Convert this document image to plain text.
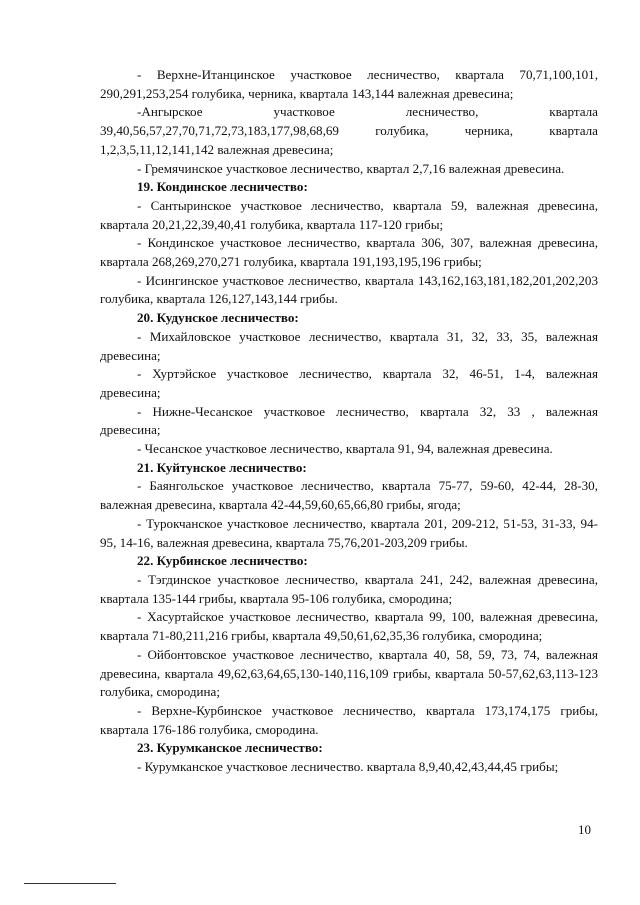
- Верхне-Итанцинское участковое лесничество, квартала 70,71,100,101, 290,291,253,254 голубика, черника, квартала 143,144 валежная древесина;

-Ангырское участковое лесничество, квартала 39,40,56,57,27,70,71,72,73,183,177,98,68,69 голубика, черника, квартала 1,2,3,5,11,12,141,142 валежная древесина;

- Гремячинское участковое лесничество, квартал 2,7,16 валежная древесина.

19. Кондинское лесничество:

- Сантыринское участковое лесничество, квартала 59, валежная древесина, квартала 20,21,22,39,40,41 голубика, квартала 117-120 грибы;

- Кондинское участковое лесничество, квартала 306, 307, валежная древесина, квартала 268,269,270,271 голубика, квартала 191,193,195,196 грибы;

- Исингинское участковое лесничество, квартала 143,162,163,181,182,201,202,203 голубика, квартала 126,127,143,144 грибы.

20. Кудунское лесничество:

- Михайловское участковое лесничество, квартала 31, 32, 33, 35, валежная древесина;

- Хуртэйское участковое лесничество, квартала 32, 46-51, 1-4, валежная древесина;

- Нижне-Чесанское участковое лесничество, квартала 32, 33 , валежная древесина;

- Чесанское участковое лесничество, квартала 91, 94, валежная древесина.

21. Куйтунское лесничество:

- Баянгольское участковое лесничество, квартала 75-77, 59-60, 42-44, 28-30, валежная древесина, квартала 42-44,59,60,65,66,80 грибы, ягода;

- Турокчанское участковое лесничество, квартала 201, 209-212, 51-53, 31-33, 94-95, 14-16, валежная древесина, квартала 75,76,201-203,209 грибы.

22. Курбинское лесничество:

- Тэгдинское участковое лесничество, квартала 241, 242, валежная древесина, квартала 135-144 грибы, квартала 95-106 голубика, смородина;

- Хасуртайское участковое лесничество, квартала 99, 100, валежная древесина, квартала 71-80,211,216 грибы, квартала 49,50,61,62,35,36 голубика, смородина;

- Ойбонтовское участковое лесничество, квартала 40, 58, 59, 73, 74, валежная древесина, квартала 49,62,63,64,65,130-140,116,109 грибы, квартала 50-57,62,63,113-123 голубика, смородина;

- Верхне-Курбинское участковое лесничество, квартала 173,174,175 грибы, квартала 176-186 голубика, смородина.

23. Курумканское лесничество:

- Курумканское участковое лесничество. квартала 8,9,40,42,43,44,45 грибы;

10
